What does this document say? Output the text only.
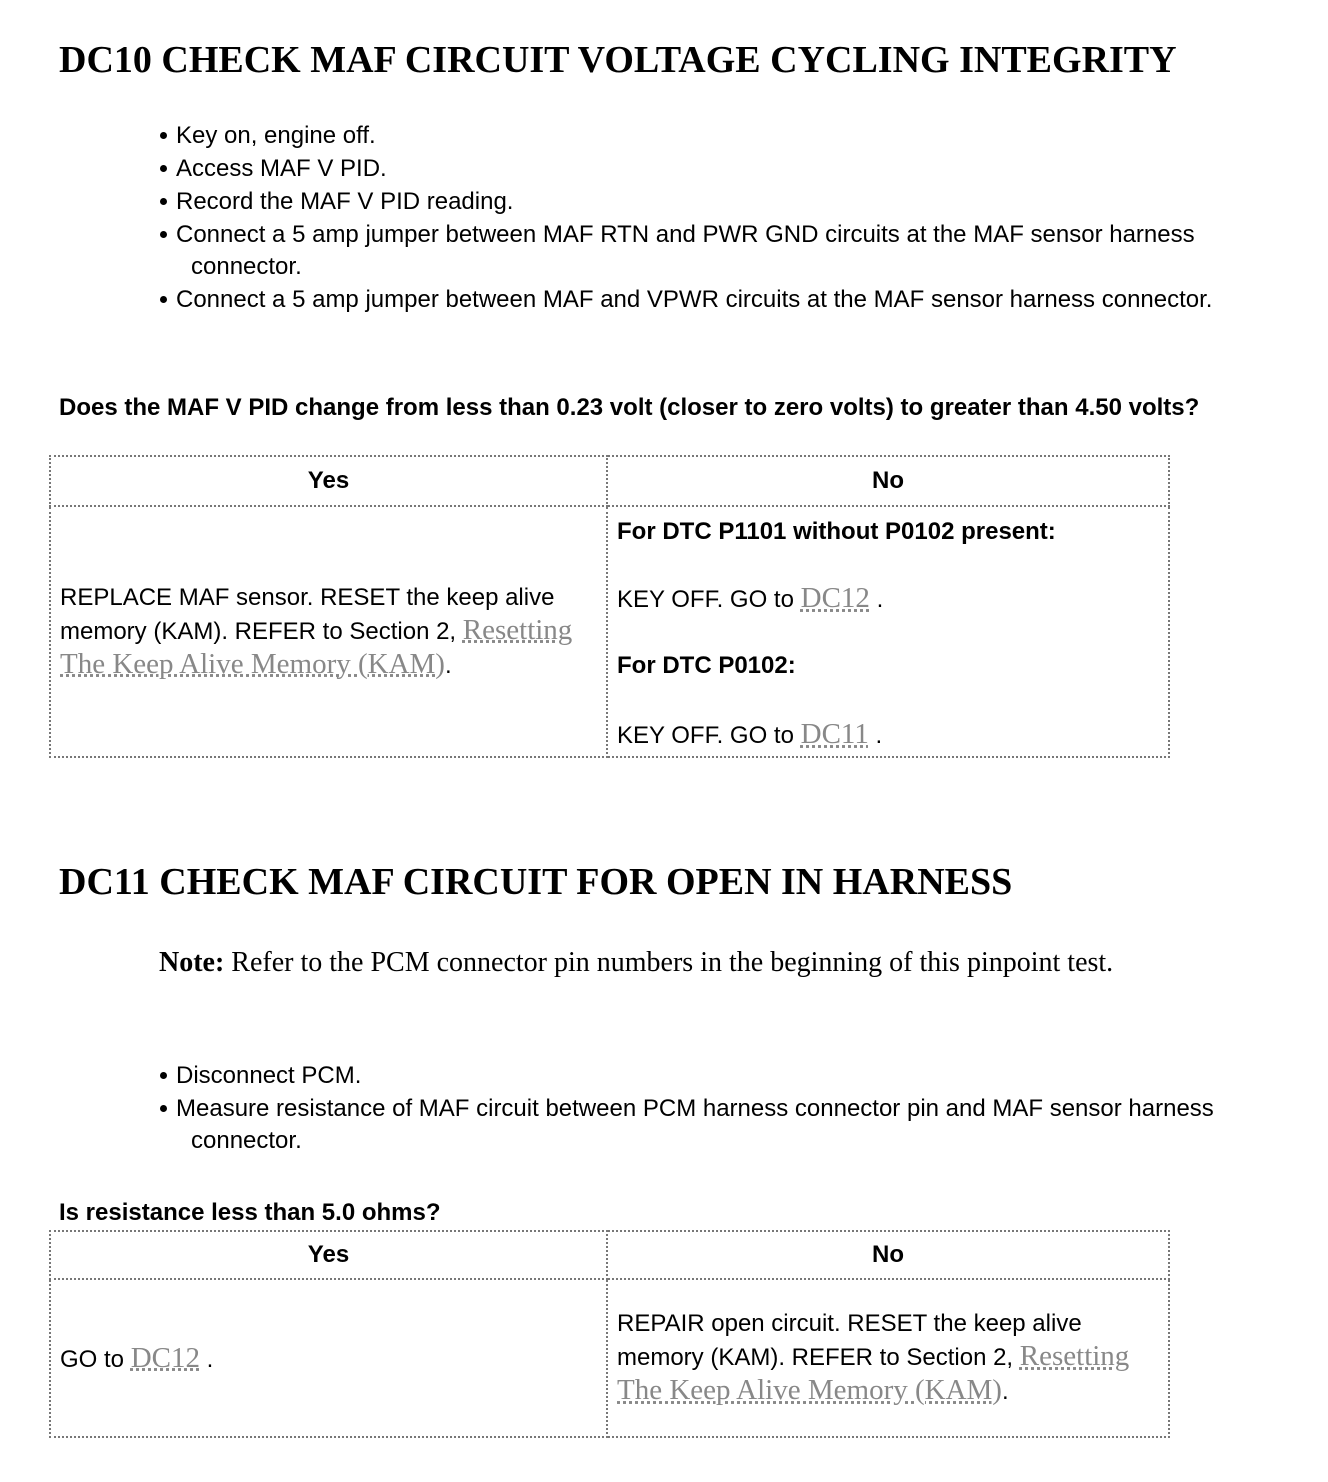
DC10 CHECK MAF CIRCUIT VOLTAGE CYCLING INTEGRITY
Key on, engine off.
Access MAF V PID.
Record the MAF V PID reading.
Connect a 5 amp jumper between MAF RTN and PWR GND circuits at the MAF sensor harness connector.
Connect a 5 amp jumper between MAF and VPWR circuits at the MAF sensor harness connector.

Does the MAF V PID change from less than 0.23 volt (closer to zero volts) to greater than 4.50 volts?

Yes	No
REPLACE MAF sensor. RESET the keep alive memory (KAM). REFER to Section 2, Resetting The Keep Alive Memory (KAM).	For DTC P1101 without P0102 present:

KEY OFF. GO to DC12 .

For DTC P0102:

KEY OFF. GO to DC11 .

DC11 CHECK MAF CIRCUIT FOR OPEN IN HARNESS

Note: Refer to the PCM connector pin numbers in the beginning of this pinpoint test.

Disconnect PCM.
Measure resistance of MAF circuit between PCM harness connector pin and MAF sensor harness connector.

Is resistance less than 5.0 ohms?

Yes	No
GO to DC12 .	REPAIR open circuit. RESET the keep alive memory (KAM). REFER to Section 2, Resetting The Keep Alive Memory (KAM).
